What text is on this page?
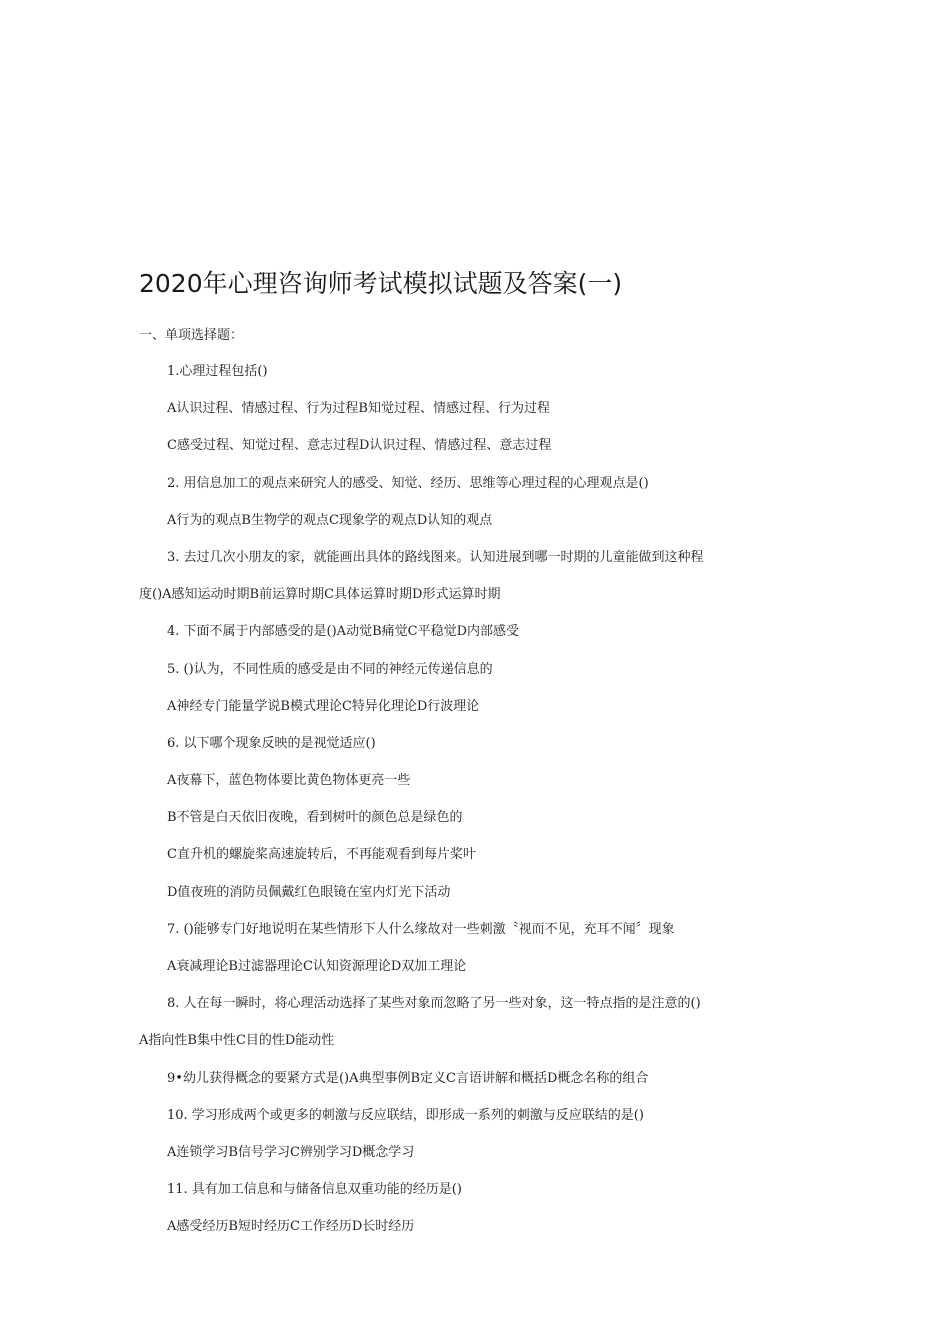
2020年心理咨询师考试模拟试题及答案(一)
一、单项选择题：
1.心理过程包括()
A认识过程、情感过程、行为过程B知觉过程、情感过程、行为过程
C感受过程、知觉过程、意志过程D认识过程、情感过程、意志过程
2. 用信息加工的观点来研究人的感受、知觉、经历、思维等心理过程的心理观点是()
A行为的观点B生物学的观点C现象学的观点D认知的观点
3. 去过几次小朋友的家，就能画出具体的路线图来。认知进展到哪一时期的儿童能做到这种程
度()A感知运动时期B前运算时期C具体运算时期D形式运算时期
4. 下面不属于内部感受的是()A动觉B痛觉C平稳觉D内部感受
5. ()认为，不同性质的感受是由不同的神经元传递信息的
A神经专门能量学说B模式理论C特异化理论D行波理论
6. 以下哪个现象反映的是视觉适应()
A夜幕下，蓝色物体要比黄色物体更亮一些
B不管是白天依旧夜晚，看到树叶的颜色总是绿色的
C直升机的螺旋桨高速旋转后，不再能观看到每片桨叶
D值夜班的消防员佩戴红色眼镜在室内灯光下活动
7. ()能够专门好地说明在某些情形下人什么缘故对一些刺激〝视而不见，充耳不闻〞现象
A衰减理论B过滤器理论C认知资源理论D双加工理论
8. 人在每一瞬时，将心理活动选择了某些对象而忽略了另一些对象，这一特点指的是注意的()
A指向性B集中性C目的性D能动性
9•幼儿获得概念的要紧方式是()A典型事例B定义C言语讲解和概括D概念名称的组合
10. 学习形成两个或更多的刺激与反应联结，即形成一系列的刺激与反应联结的是()
A连锁学习B信号学习C辨别学习D概念学习
11. 具有加工信息和与储备信息双重功能的经历是()
A感受经历B短时经历C工作经历D长时经历
